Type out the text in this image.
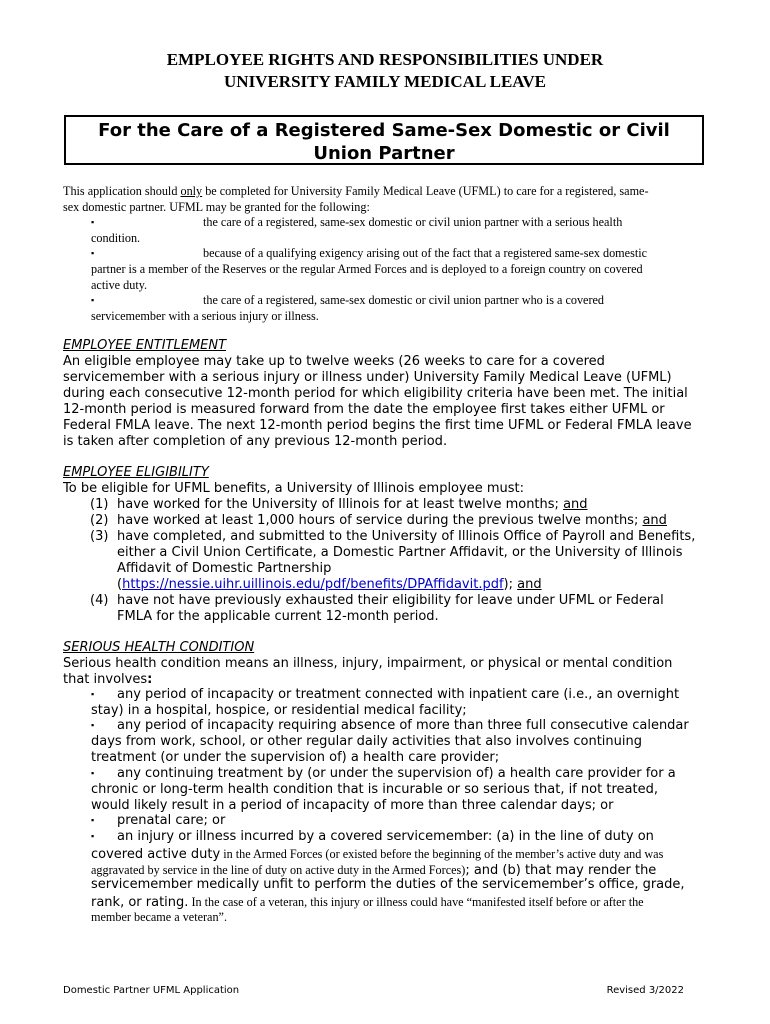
EMPLOYEE RIGHTS AND RESPONSIBILITIES UNDER
UNIVERSITY FAMILY MEDICAL LEAVE
For the Care of a Registered Same-Sex Domestic or Civil
Union Partner
This application should only be completed for University Family Medical Leave (UFML) to care for a registered, same-
sex domestic partner. UFML may be granted for the following:
▪	the care of a registered, same-sex domestic or civil union partner with a serious health
condition.
▪	because of a qualifying exigency arising out of the fact that a registered same-sex domestic
partner is a member of the Reserves or the regular Armed Forces and is deployed to a foreign country on covered
active duty.
▪	the care of a registered, same-sex domestic or civil union partner who is a covered
servicemember with a serious injury or illness.
EMPLOYEE ENTITLEMENT
An eligible employee may take up to twelve weeks (26 weeks to care for a covered
servicemember with a serious injury or illness under) University Family Medical Leave (UFML)
during each consecutive 12-month period for which eligibility criteria have been met. The initial
12-month period is measured forward from the date the employee first takes either UFML or
Federal FMLA leave. The next 12-month period begins the first time UFML or Federal FMLA leave
is taken after completion of any previous 12-month period.
EMPLOYEE ELIGIBILITY
To be eligible for UFML benefits, a University of Illinois employee must:
(1) have worked for the University of Illinois for at least twelve months; and
(2) have worked at least 1,000 hours of service during the previous twelve months; and
(3) have completed, and submitted to the University of Illinois Office of Payroll and Benefits,
either a Civil Union Certificate, a Domestic Partner Affidavit, or the University of Illinois
Affidavit of Domestic Partnership
(https://nessie.uihr.uillinois.edu/pdf/benefits/DPAffidavit.pdf); and
(4) have not have previously exhausted their eligibility for leave under UFML or Federal
FMLA for the applicable current 12-month period.
SERIOUS HEALTH CONDITION
Serious health condition means an illness, injury, impairment, or physical or mental condition
that involves:
▪ any period of incapacity or treatment connected with inpatient care (i.e., an overnight
stay) in a hospital, hospice, or residential medical facility;
▪ any period of incapacity requiring absence of more than three full consecutive calendar
days from work, school, or other regular daily activities that also involves continuing
treatment (or under the supervision of) a health care provider;
▪ any continuing treatment by (or under the supervision of) a health care provider for a
chronic or long-term health condition that is incurable or so serious that, if not treated,
would likely result in a period of incapacity of more than three calendar days; or
▪ prenatal care; or
▪ an injury or illness incurred by a covered servicemember: (a) in the line of duty on
covered active duty in the Armed Forces (or existed before the beginning of the member’s active duty and was
aggravated by service in the line of duty on active duty in the Armed Forces); and (b) that may render the
servicemember medically unfit to perform the duties of the servicemember’s office, grade,
rank, or rating. In the case of a veteran, this injury or illness could have “manifested itself before or after the
member became a veteran”.
Domestic Partner UFML Application	Revised 3/2022
